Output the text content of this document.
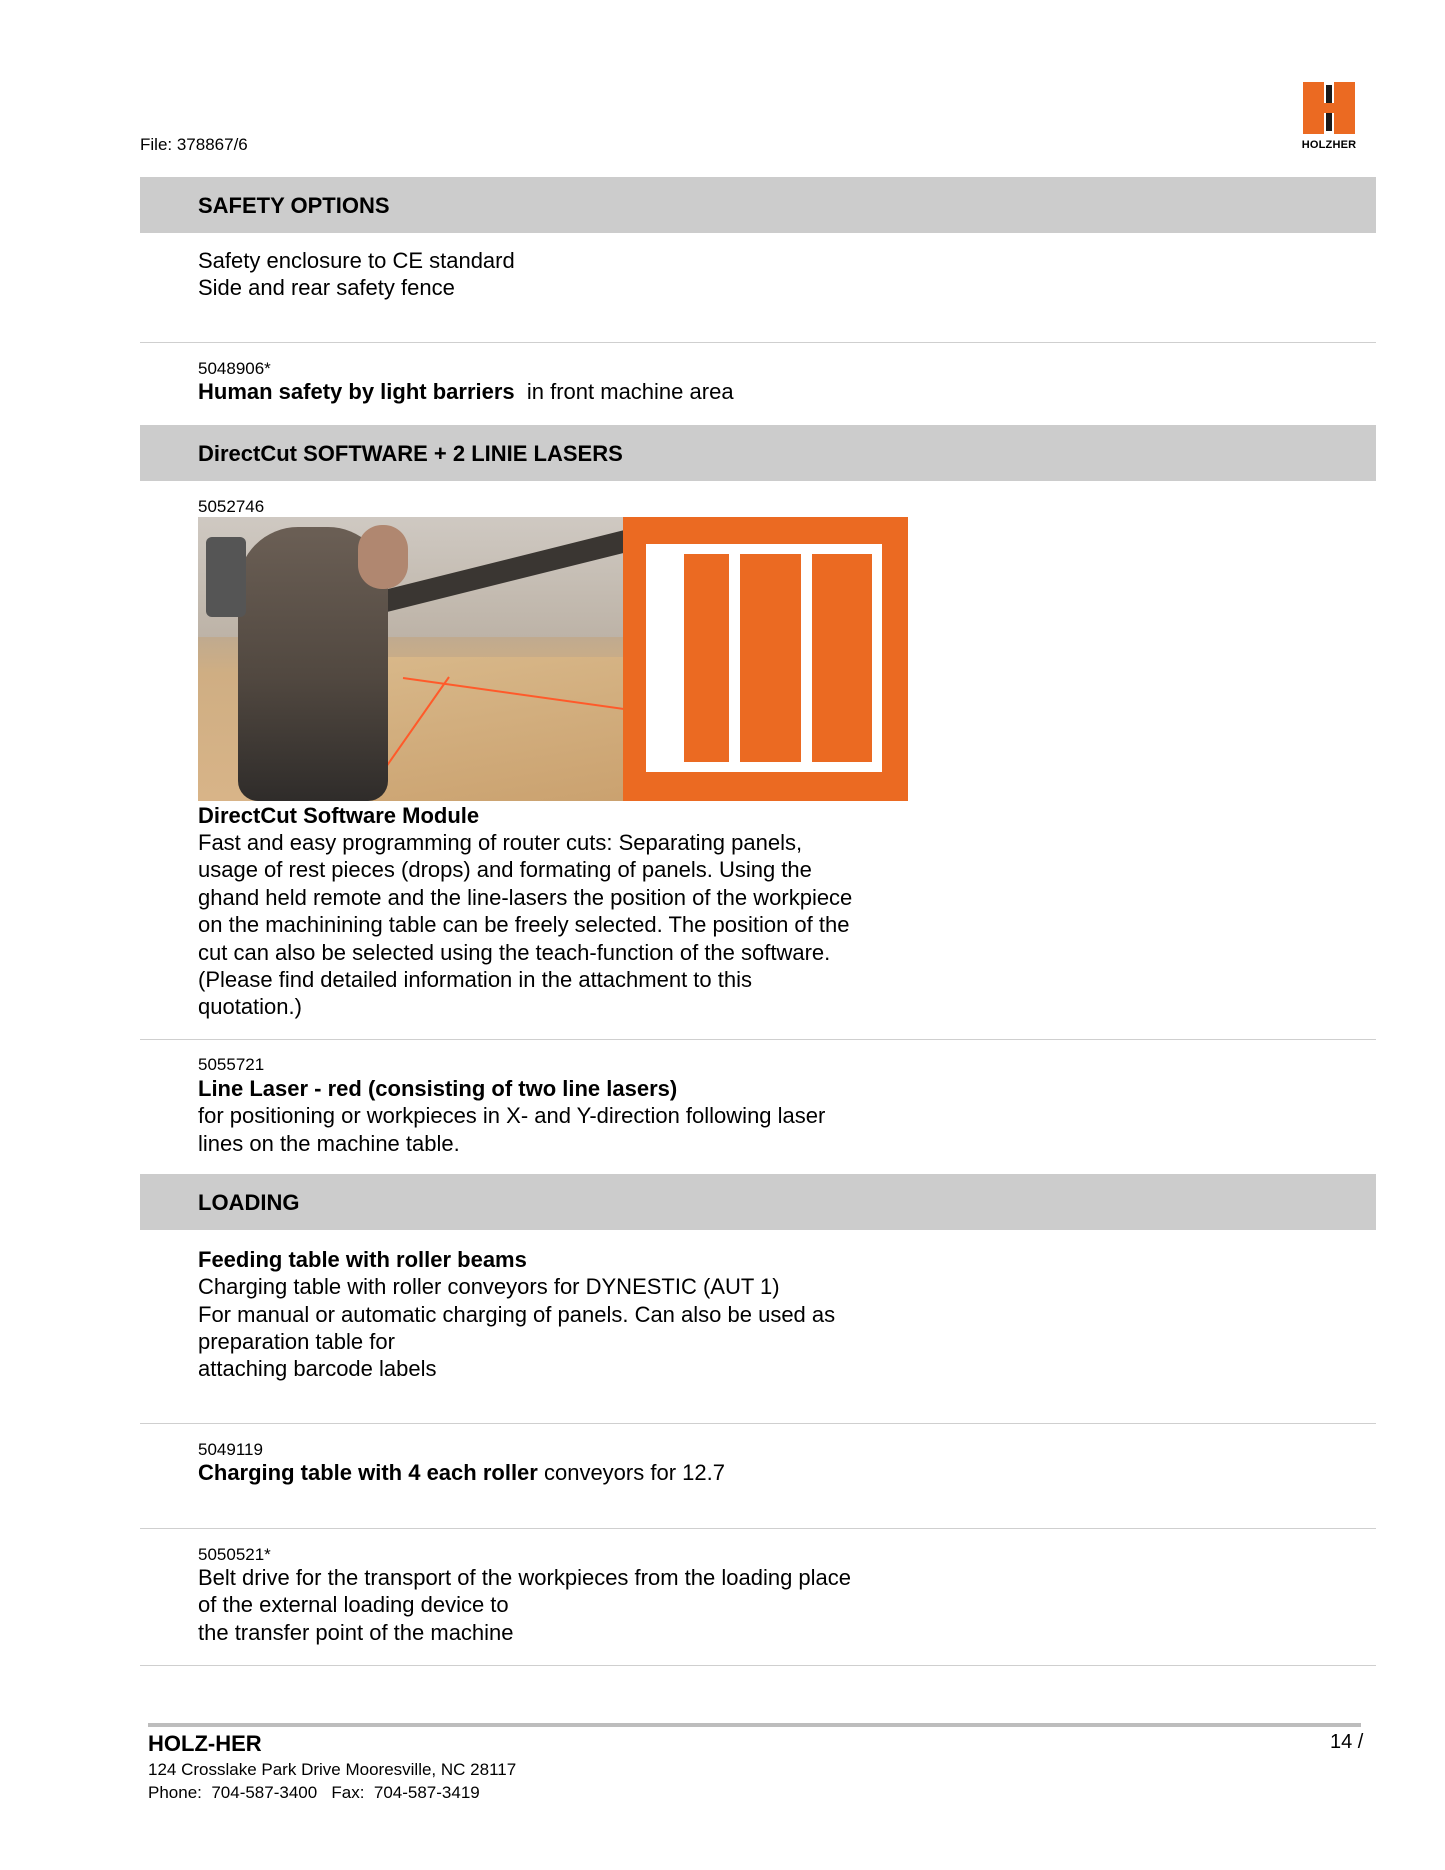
File: 378867/6	HOLZHER
SAFETY OPTIONS
Safety enclosure to CE standard
Side and rear safety fence
5048906*
Human safety by light barriers  in front machine area
DirectCut SOFTWARE + 2 LINIE LASERS
5052746
DirectCut Software Module
Fast and easy programming of router cuts: Separating panels,
usage of rest pieces (drops) and formating of panels. Using the
ghand held remote and the line-lasers the position of the workpiece
on the machinining table can be freely selected. The position of the
cut can also be selected using the teach-function of the software.
(Please find detailed information in the attachment to this
quotation.)
5055721
Line Laser - red (consisting of two line lasers)
for positioning or workpieces in X- and Y-direction following laser
lines on the machine table.
LOADING
Feeding table with roller beams
Charging table with roller conveyors for DYNESTIC (AUT 1)
For manual or automatic charging of panels. Can also be used as
preparation table for
attaching barcode labels
5049119
Charging table with 4 each roller conveyors for 12.7
5050521*
Belt drive for the transport of the workpieces from the loading place
of the external loading device to
the transfer point of the machine
HOLZ-HER
124 Crosslake Park Drive Mooresville, NC 28117
Phone:  704-587-3400   Fax:  704-587-3419
14 /
